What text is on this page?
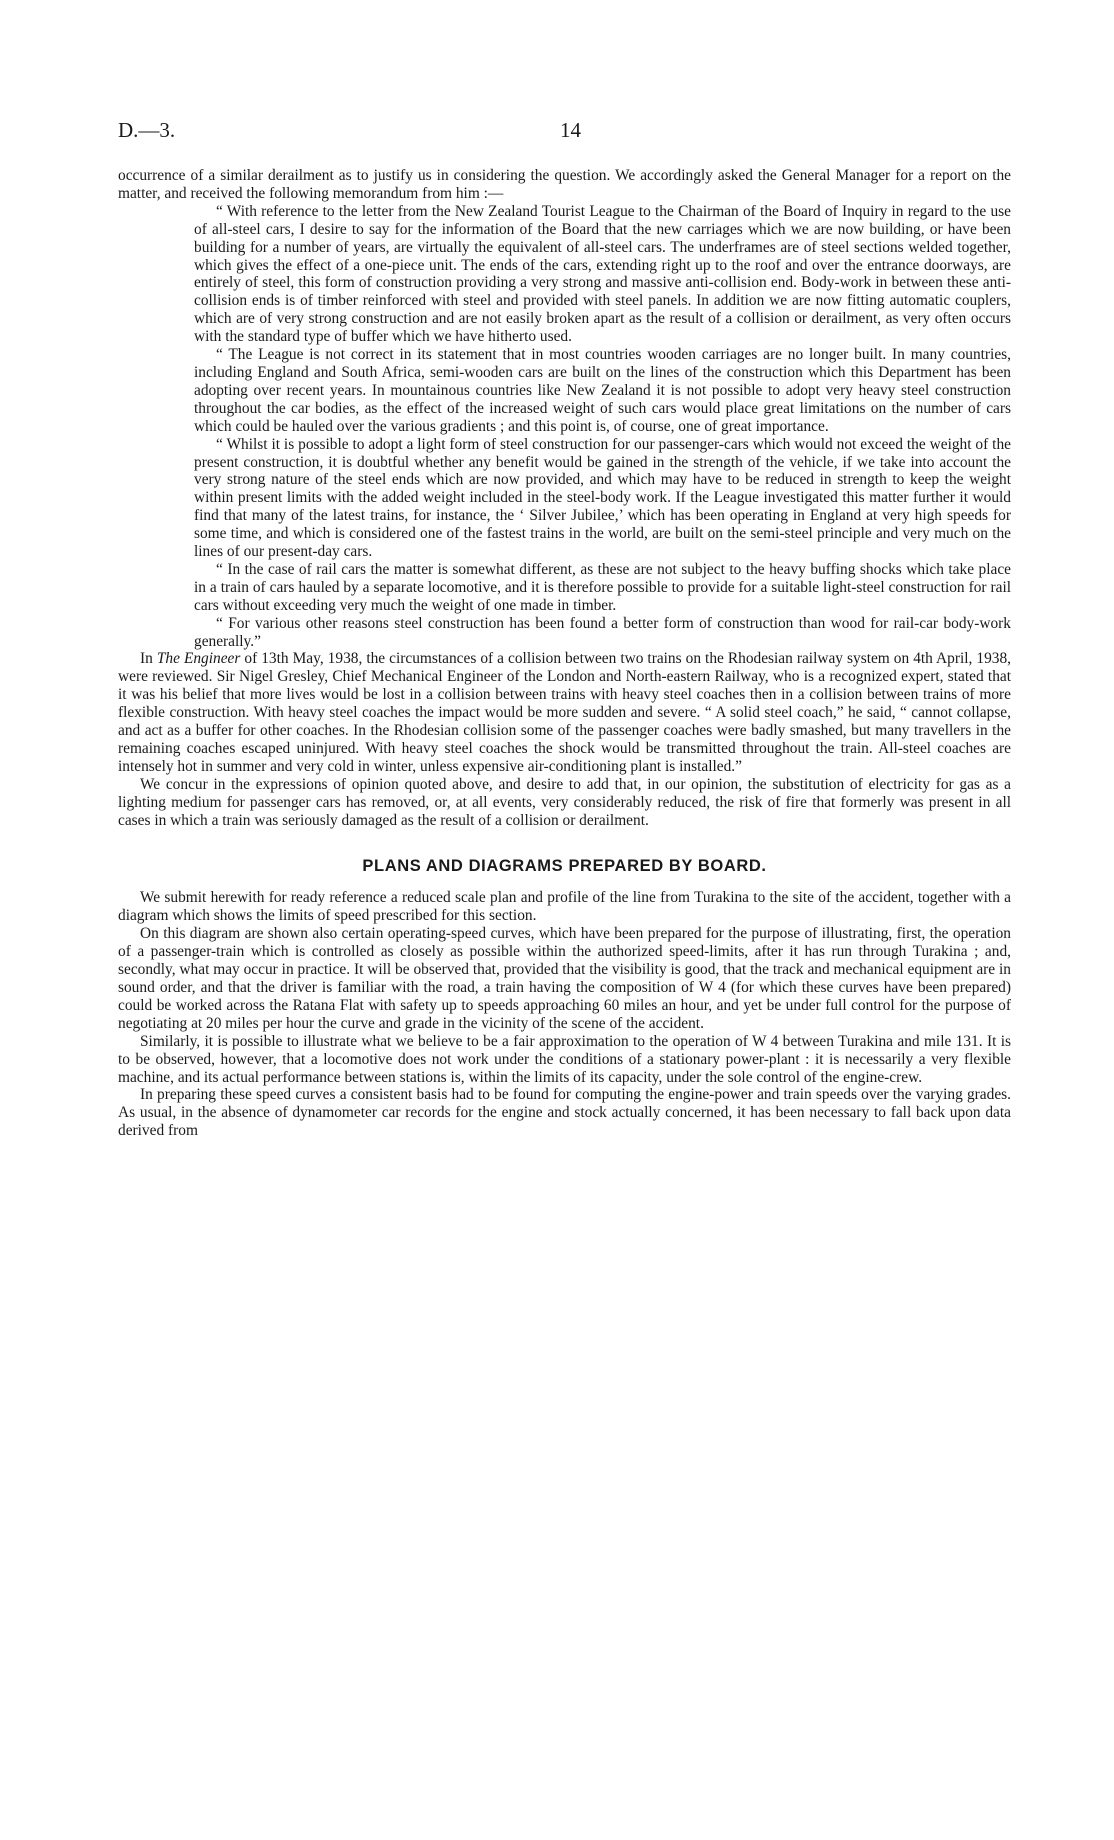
D.—3.	14

occurrence of a similar derailment as to justify us in considering the question. We accordingly asked the General Manager for a report on the matter, and received the following memorandum from him :—

“ With reference to the letter from the New Zealand Tourist League to the Chairman of the Board of Inquiry in regard to the use of all-steel cars, I desire to say for the information of the Board that the new carriages which we are now building, or have been building for a number of years, are virtually the equivalent of all-steel cars. The underframes are of steel sections welded together, which gives the effect of a one-piece unit. The ends of the cars, extending right up to the roof and over the entrance doorways, are entirely of steel, this form of construction providing a very strong and massive anti-collision end. Body-work in between these anti-collision ends is of timber reinforced with steel and provided with steel panels. In addition we are now fitting automatic couplers, which are of very strong construction and are not easily broken apart as the result of a collision or derailment, as very often occurs with the standard type of buffer which we have hitherto used.

“ The League is not correct in its statement that in most countries wooden carriages are no longer built. In many countries, including England and South Africa, semi-wooden cars are built on the lines of the construction which this Department has been adopting over recent years. In mountainous countries like New Zealand it is not possible to adopt very heavy steel construction throughout the car bodies, as the effect of the increased weight of such cars would place great limitations on the number of cars which could be hauled over the various gradients ; and this point is, of course, one of great importance.

“ Whilst it is possible to adopt a light form of steel construction for our passenger-cars which would not exceed the weight of the present construction, it is doubtful whether any benefit would be gained in the strength of the vehicle, if we take into account the very strong nature of the steel ends which are now provided, and which may have to be reduced in strength to keep the weight within present limits with the added weight included in the steel-body work. If the League investigated this matter further it would find that many of the latest trains, for instance, the ‘ Silver Jubilee,’ which has been operating in England at very high speeds for some time, and which is considered one of the fastest trains in the world, are built on the semi-steel principle and very much on the lines of our present-day cars.

“ In the case of rail cars the matter is somewhat different, as these are not subject to the heavy buffing shocks which take place in a train of cars hauled by a separate locomotive, and it is therefore possible to provide for a suitable light-steel construction for rail cars without exceeding very much the weight of one made in timber.

“ For various other reasons steel construction has been found a better form of construction than wood for rail-car body-work generally.”

In The Engineer of 13th May, 1938, the circumstances of a collision between two trains on the Rhodesian railway system on 4th April, 1938, were reviewed. Sir Nigel Gresley, Chief Mechanical Engineer of the London and North-eastern Railway, who is a recognized expert, stated that it was his belief that more lives would be lost in a collision between trains with heavy steel coaches then in a collision between trains of more flexible construction. With heavy steel coaches the impact would be more sudden and severe. “ A solid steel coach,” he said, “ cannot collapse, and act as a buffer for other coaches. In the Rhodesian collision some of the passenger coaches were badly smashed, but many travellers in the remaining coaches escaped uninjured. With heavy steel coaches the shock would be transmitted throughout the train. All-steel coaches are intensely hot in summer and very cold in winter, unless expensive air-conditioning plant is installed.”

We concur in the expressions of opinion quoted above, and desire to add that, in our opinion, the substitution of electricity for gas as a lighting medium for passenger cars has removed, or, at all events, very considerably reduced, the risk of fire that formerly was present in all cases in which a train was seriously damaged as the result of a collision or derailment.

PLANS AND DIAGRAMS PREPARED BY BOARD.

We submit herewith for ready reference a reduced scale plan and profile of the line from Turakina to the site of the accident, together with a diagram which shows the limits of speed prescribed for this section.

On this diagram are shown also certain operating-speed curves, which have been prepared for the purpose of illustrating, first, the operation of a passenger-train which is controlled as closely as possible within the authorized speed-limits, after it has run through Turakina ; and, secondly, what may occur in practice. It will be observed that, provided that the visibility is good, that the track and mechanical equipment are in sound order, and that the driver is familiar with the road, a train having the composition of W 4 (for which these curves have been prepared) could be worked across the Ratana Flat with safety up to speeds approaching 60 miles an hour, and yet be under full control for the purpose of negotiating at 20 miles per hour the curve and grade in the vicinity of the scene of the accident.

Similarly, it is possible to illustrate what we believe to be a fair approximation to the operation of W 4 between Turakina and mile 131. It is to be observed, however, that a locomotive does not work under the conditions of a stationary power-plant : it is necessarily a very flexible machine, and its actual performance between stations is, within the limits of its capacity, under the sole control of the engine-crew.

In preparing these speed curves a consistent basis had to be found for computing the engine-power and train speeds over the varying grades. As usual, in the absence of dynamometer car records for the engine and stock actually concerned, it has been necessary to fall back upon data derived from
